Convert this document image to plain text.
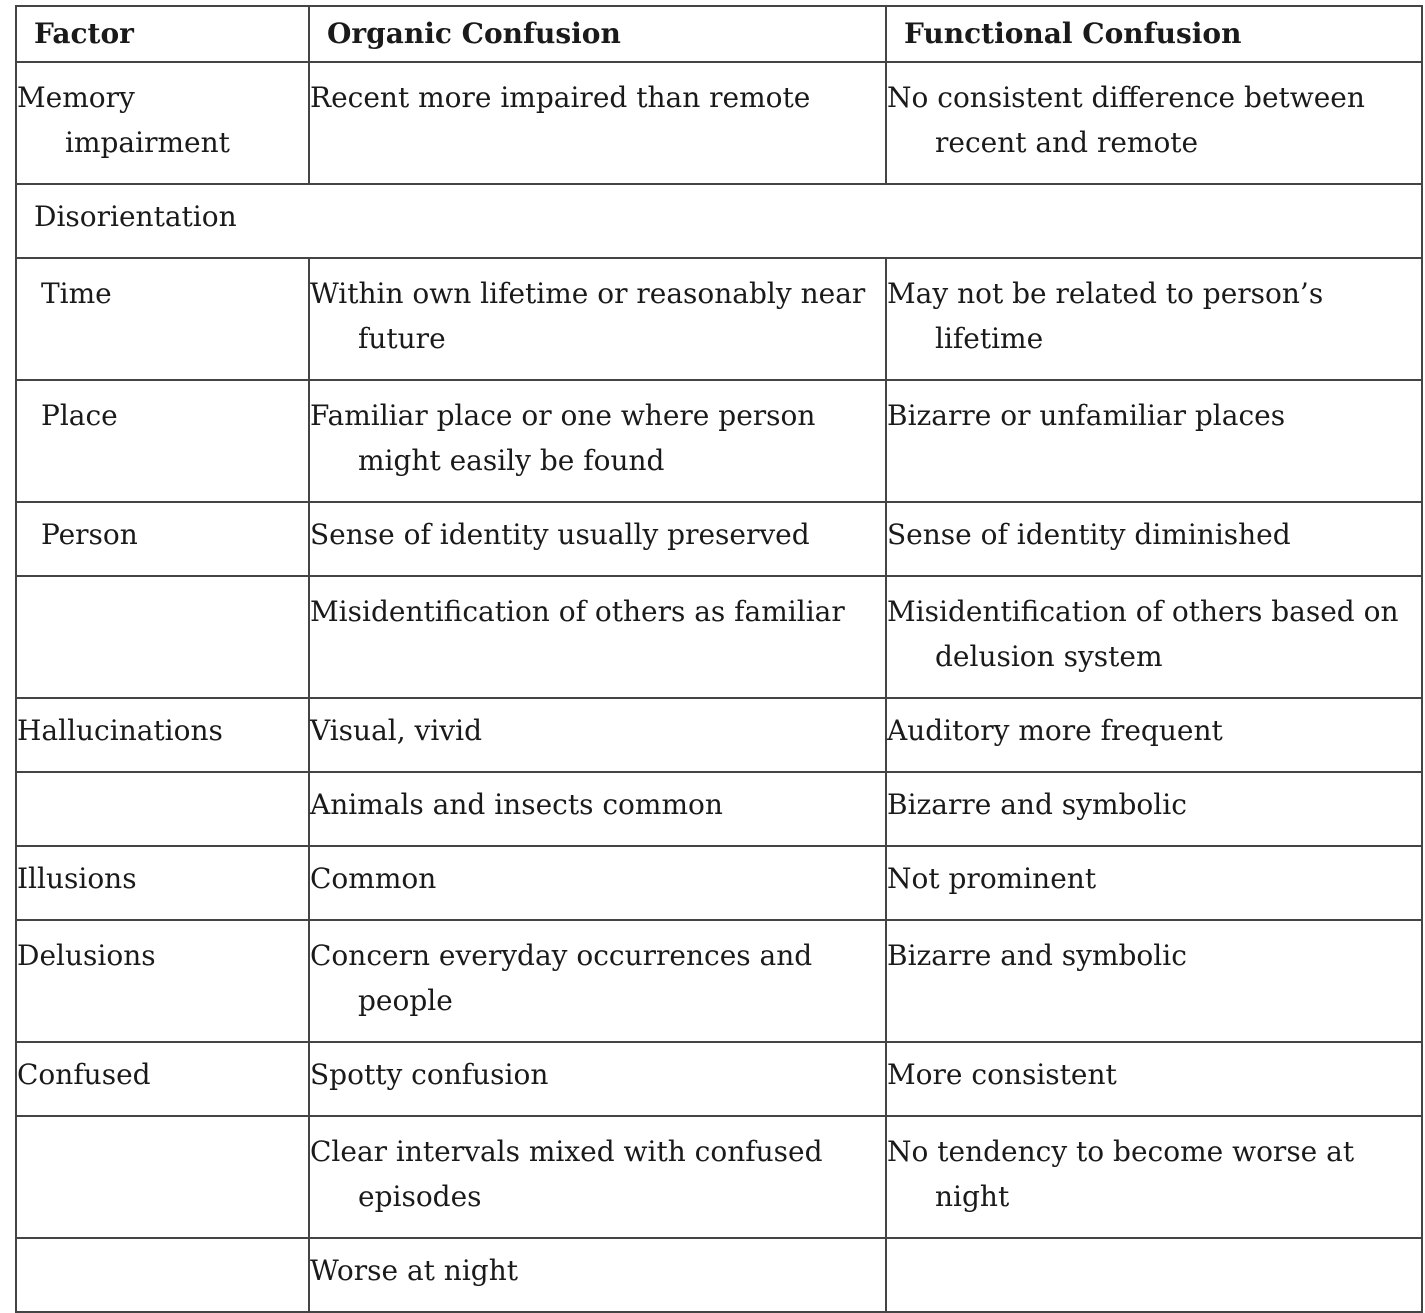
Factor	Organic Confusion	Functional Confusion
Memory impairment	Recent more impaired than remote	No consistent difference between recent and remote
Disorientation		
Time	Within own lifetime or reasonably near future	May not be related to person’s lifetime
Place	Familiar place or one where person might easily be found	Bizarre or unfamiliar places
Person	Sense of identity usually preserved	Sense of identity diminished
	Misidentification of others as familiar	Misidentification of others based on delusion system
Hallucinations	Visual, vivid	Auditory more frequent
	Animals and insects common	Bizarre and symbolic
Illusions	Common	Not prominent
Delusions	Concern everyday occurrences and people	Bizarre and symbolic
Confused	Spotty confusion	More consistent
	Clear intervals mixed with confused episodes	No tendency to become worse at night
	Worse at night	
